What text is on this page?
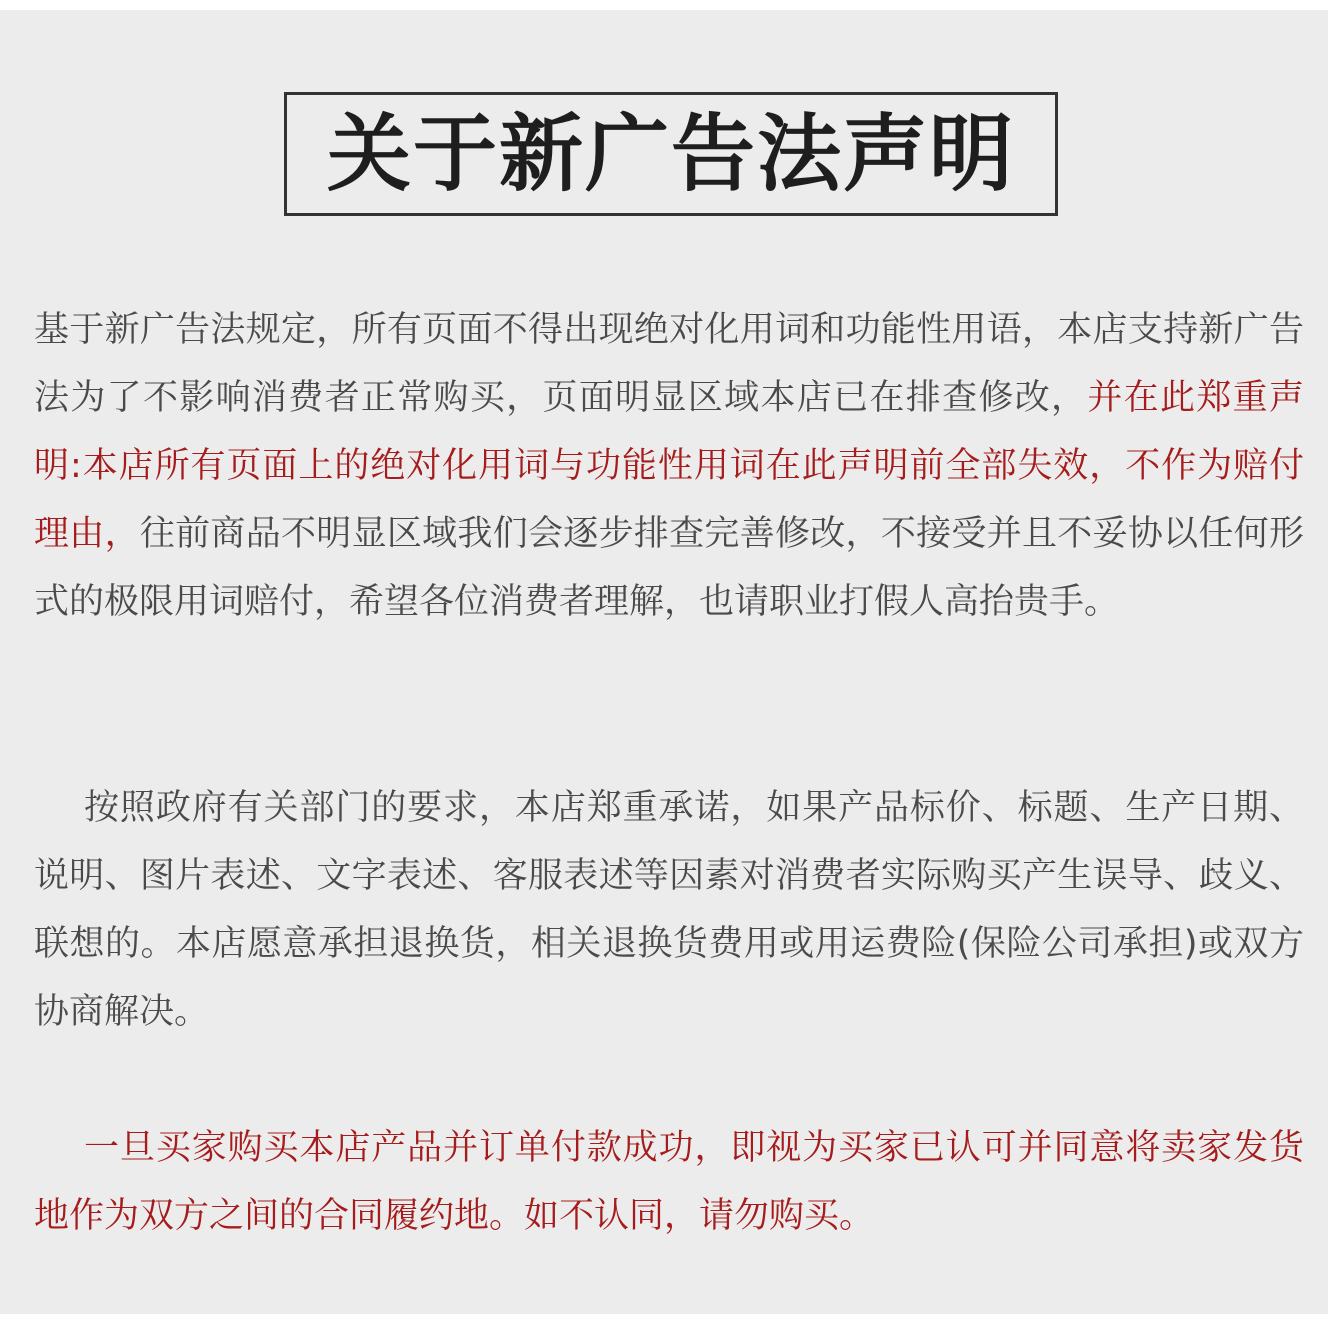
关于新广告法声明

基于新广告法规定，所有页面不得出现绝对化用词和功能性用语，本店支持新广告法为了不影响消费者正常购买，页面明显区域本店已在排查修改，并在此郑重声明:本店所有页面上的绝对化用词与功能性用词在此声明前全部失效，不作为赔付理由，往前商品不明显区域我们会逐步排查完善修改，不接受并且不妥协以任何形式的极限用词赔付，希望各位消费者理解，也请职业打假人高抬贵手。

按照政府有关部门的要求，本店郑重承诺，如果产品标价、标题、生产日期、说明、图片表述、文字表述、客服表述等因素对消费者实际购买产生误导、歧义、联想的。本店愿意承担退换货，相关退换货费用或用运费险(保险公司承担)或双方协商解决。

一旦买家购买本店产品并订单付款成功，即视为买家已认可并同意将卖家发货地作为双方之间的合同履约地。如不认同，请勿购买。
